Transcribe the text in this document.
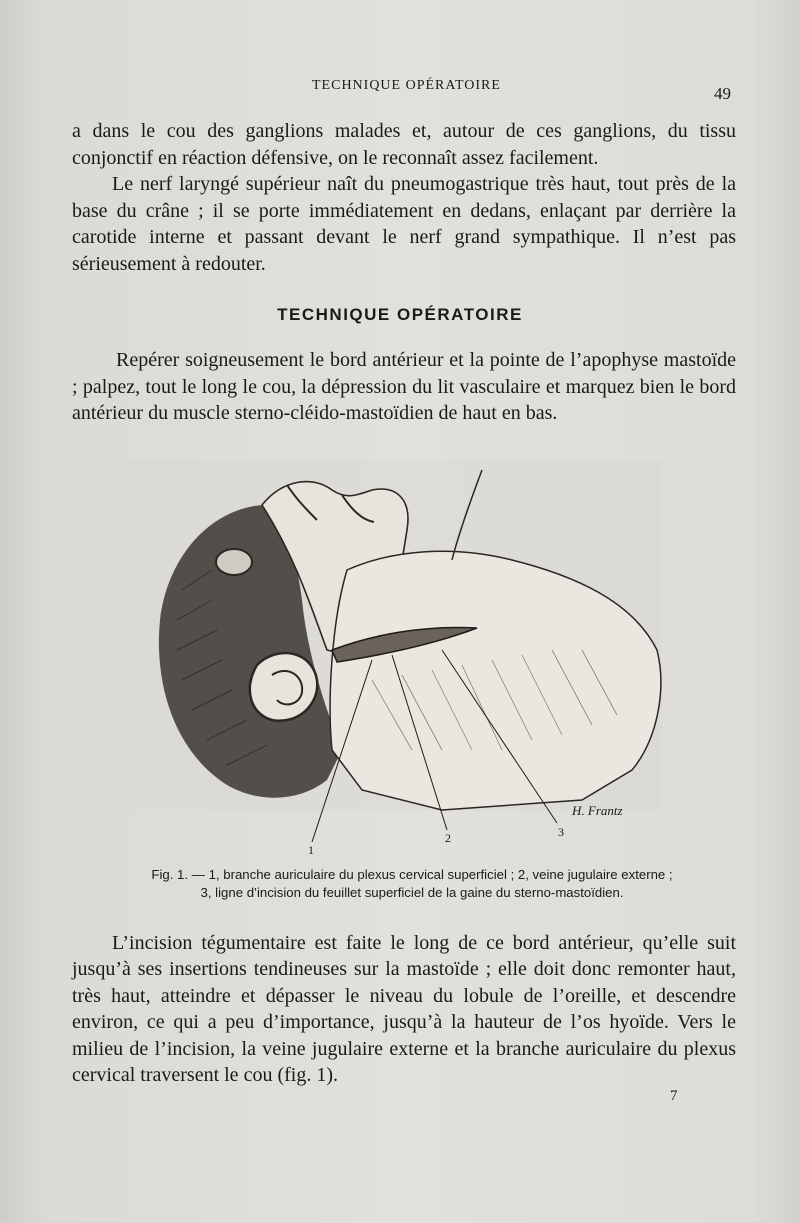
TECHNIQUE OPÉRATOIRE	49
a dans le cou des ganglions malades et, autour de ces ganglions, du tissu conjonctif en réaction défensive, on le reconnaît assez facilement.
Le nerf laryngé supérieur naît du pneumogastrique très haut, tout près de la base du crâne ; il se porte immédiatement en dedans, enlaçant par derrière la carotide interne et passant devant le nerf grand sympathique. Il n’est pas sérieusement à redouter.
TECHNIQUE OPÉRATOIRE
Repérer soigneusement le bord antérieur et la pointe de l’apophyse mastoïde ; palpez, tout le long le cou, la dépression du lit vasculaire et marquez bien le bord antérieur du muscle sterno-cléido-mastoïdien de haut en bas.
1
2	3
H. Frantz
Fig. 1. — 1, branche auriculaire du plexus cervical superficiel ; 2, veine jugulaire externe ;
3, ligne d’incision du feuillet superficiel de la gaine du sterno-mastoïdien.
L’incision tégumentaire est faite le long de ce bord antérieur, qu’elle suit jusqu’à ses insertions tendineuses sur la mastoïde ; elle doit donc remonter haut, très haut, atteindre et dépasser le niveau du lobule de l’oreille, et descendre environ, ce qui a peu d’importance, jusqu’à la hauteur de l’os hyoïde. Vers le milieu de l’incision, la veine jugulaire externe et la branche auriculaire du plexus cervical traversent le cou (fig. 1).
7
